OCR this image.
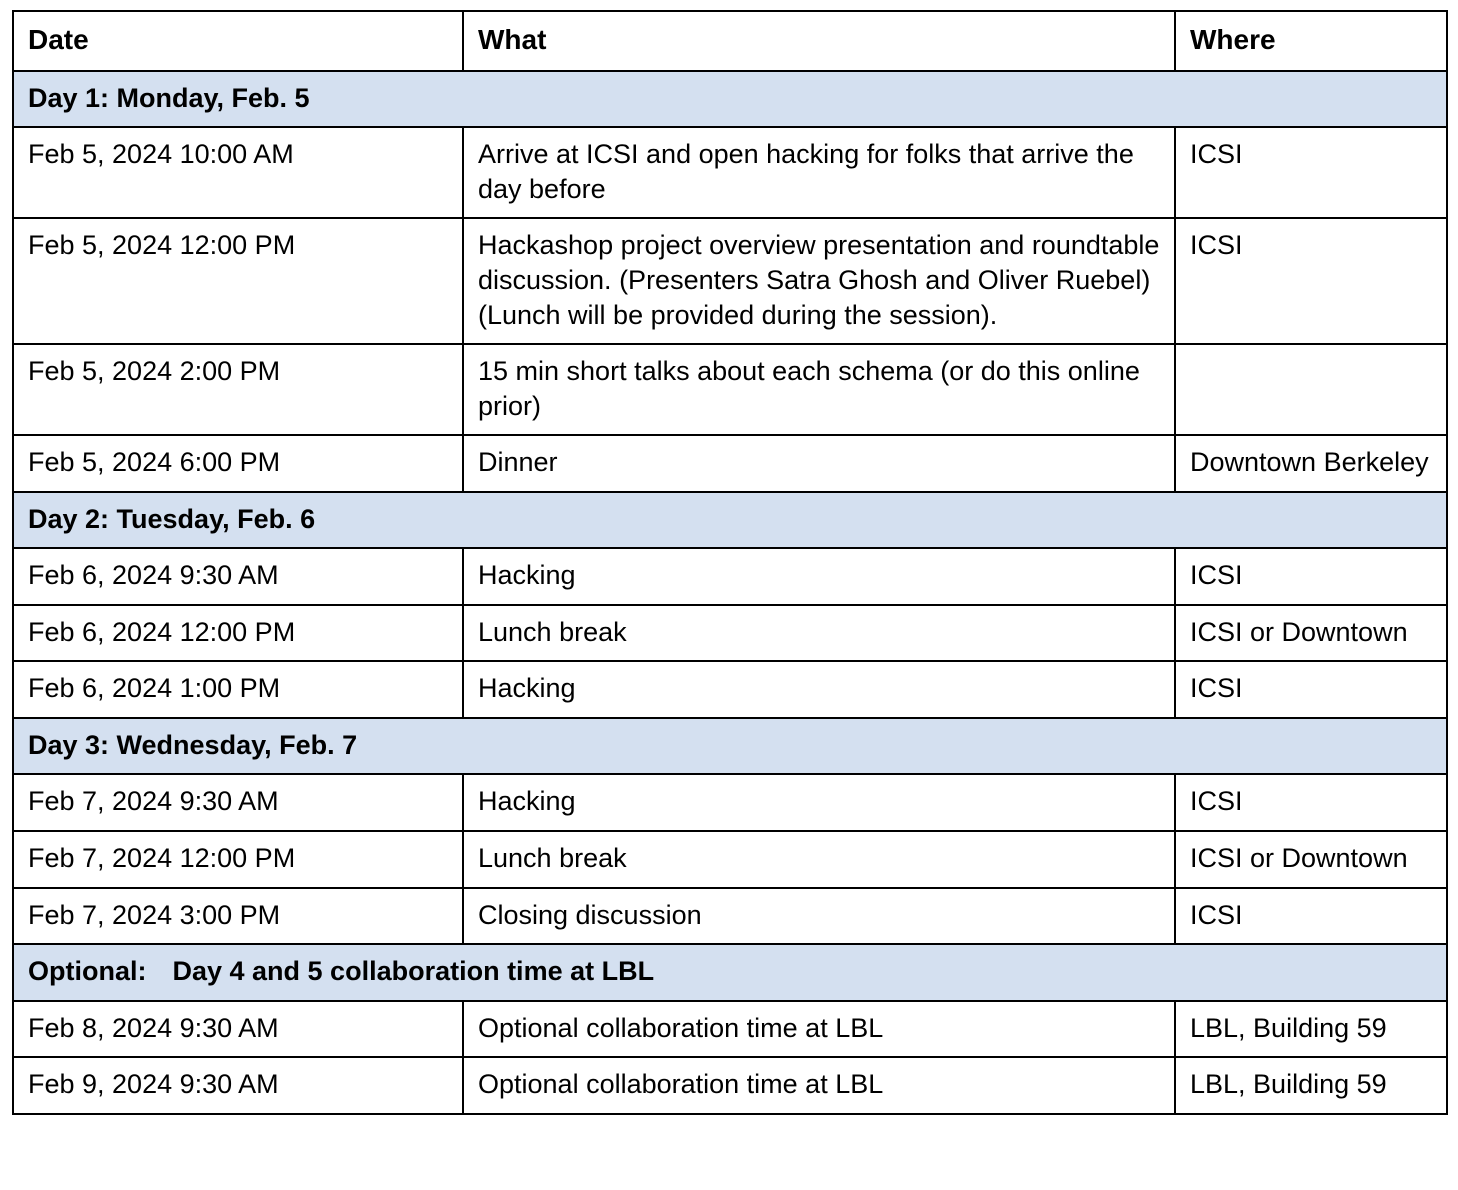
Date	What	Where
Day 1: Monday, Feb. 5		
Feb 5, 2024 10:00 AM	Arrive at ICSI and open hacking for folks that arrive the day before	ICSI
Feb 5, 2024 12:00 PM	Hackashop project overview presentation and roundtable discussion. (Presenters Satra Ghosh and Oliver Ruebel) (Lunch will be provided during the session).	ICSI
Feb 5, 2024 2:00 PM	15 min short talks about each schema (or do this online prior)	
Feb 5, 2024 6:00 PM	Dinner	Downtown Berkeley
Day 2: Tuesday, Feb. 6		
Feb 6, 2024 9:30 AM	Hacking	ICSI
Feb 6, 2024 12:00 PM	Lunch break	ICSI or Downtown
Feb 6, 2024 1:00 PM	Hacking	ICSI
Day 3: Wednesday, Feb. 7		
Feb 7, 2024 9:30 AM	Hacking	ICSI
Feb 7, 2024 12:00 PM	Lunch break	ICSI or Downtown
Feb 7, 2024 3:00 PM	Closing discussion	ICSI
Optional: Day 4 and 5 collaboration time at LBL		
Feb 8, 2024 9:30 AM	Optional collaboration time at LBL	LBL, Building 59
Feb 9, 2024 9:30 AM	Optional collaboration time at LBL	LBL, Building 59
